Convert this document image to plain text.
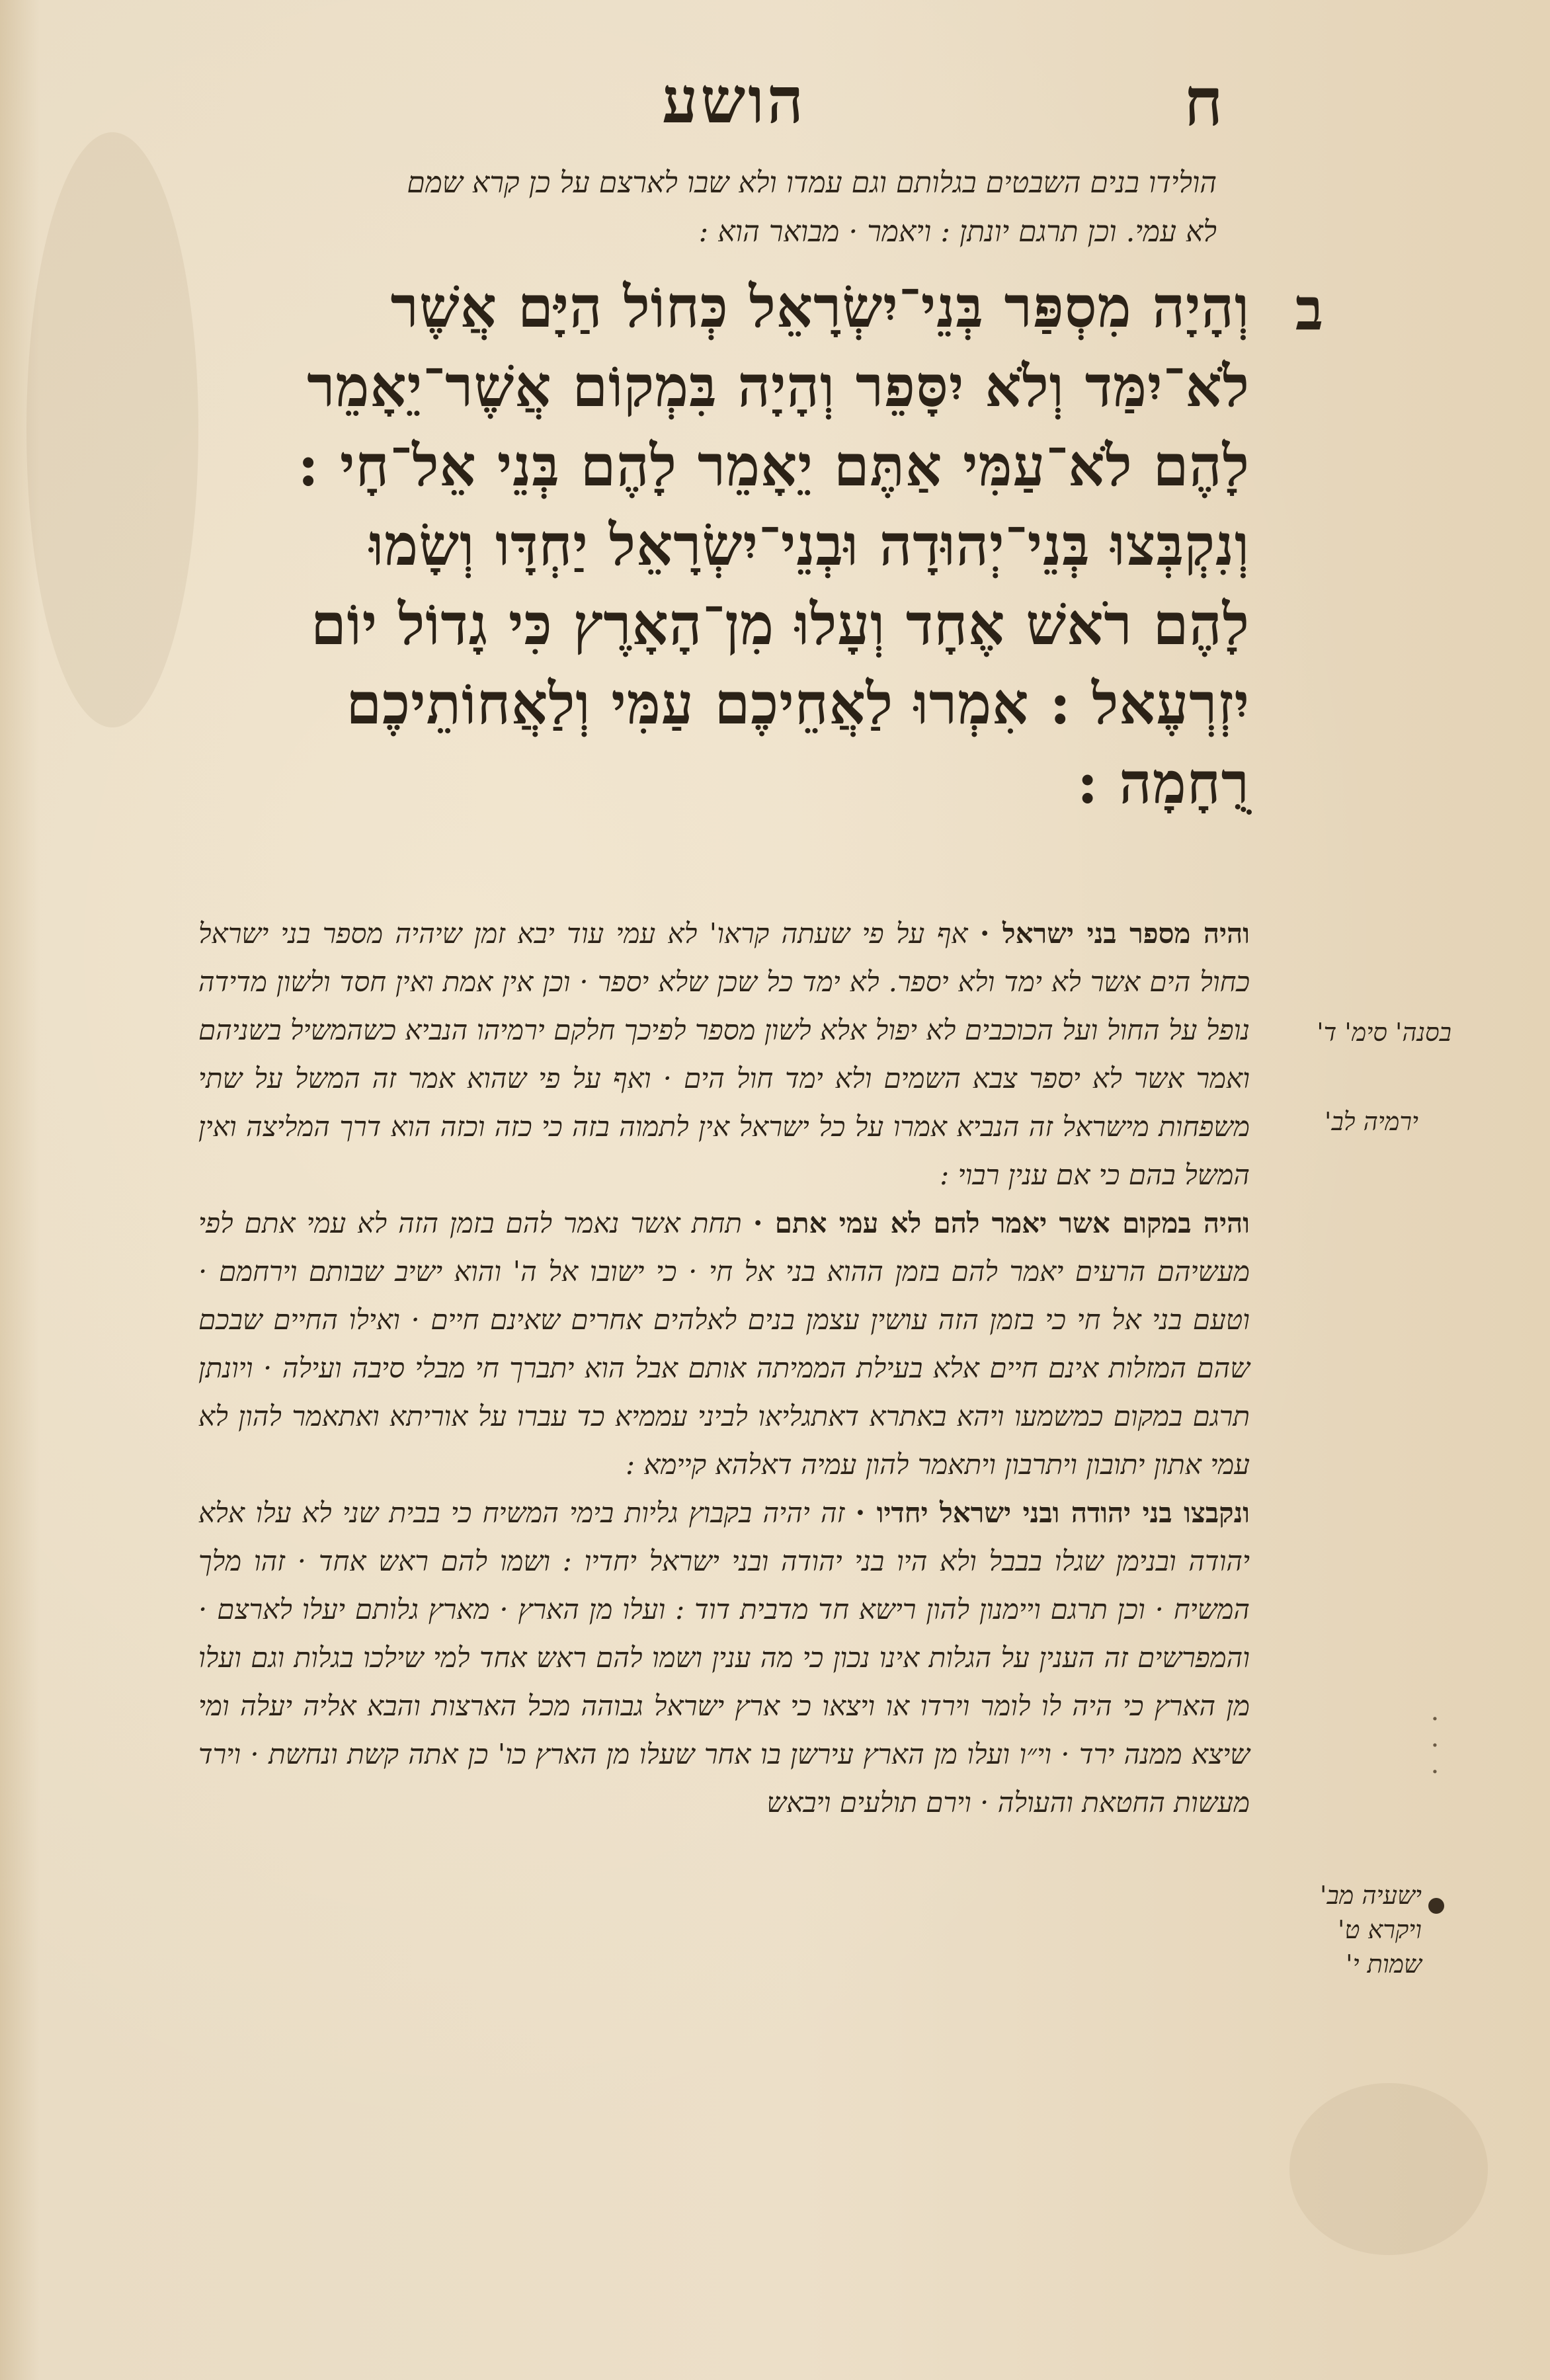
הושע	ח
הולידו בנים השבטים בגלותם וגם עמדו ולא שבו לארצם על כן קרא שמם
לא עמי. וכן תרגם יונתן : ויאמר · מבואר הוא :
ב
וְהָיָה מִסְפַּר בְּנֵי־יִשְׂרָאֵל כְּחוֹל הַיָּם אֲשֶׁר
לֹא־יִמַּד וְלֹא יִסָּפֵר וְהָיָה בִּמְקוֹם אֲשֶׁר־יֵאָמֵר
לָהֶם לֹא־עַמִּי אַתֶּם יֵאָמֵר לָהֶם בְּנֵי אֵל־חָי :
וְנִקְבְּצוּ בְּנֵי־יְהוּדָה וּבְנֵי־יִשְׂרָאֵל יַחְדָּו וְשָׂמוּ
לָהֶם רֹאשׁ אֶחָד וְעָלוּ מִן־הָאָרֶץ כִּי גָדוֹל יוֹם
יִזְרְעֶאל : אִמְרוּ לַאֲחֵיכֶם עַמִּי וְלַאֲחוֹתֵיכֶם
רֻחָמָה :
והיה מספר בני ישראל · אף על פי שעתה קראו' לא עמי עוד יבא זמן שיהיה מספר בני ישראל כחול הים אשר לא ימד ולא יספר. לא ימד כל שכן שלא יספר · וכן אין אמת ואין חסד ולשון מדידה נופל על החול ועל הכוכבים לא יפול אלא לשון מספר לפיכך חלקם ירמיהו הנביא כשהמשיל בשניהם ואמר אשר לא יספר צבא השמים ולא ימד חול הים · ואף על פי שהוא אמר זה המשל על שתי משפחות מישראל זה הנביא אמרו על כל ישראל אין לתמוה בזה כי כזה וכזה הוא דרך המליצה ואין המשל בהם כי אם ענין רבוי :
והיה במקום אשר יאמר להם לא עמי אתם · תחת אשר נאמר להם בזמן הזה לא עמי אתם לפי מעשיהם הרעים יאמר להם בזמן ההוא בני אל חי · כי ישובו אל ה' והוא ישיב שבותם וירחמם · וטעם בני אל חי כי בזמן הזה עושין עצמן בנים לאלהים אחרים שאינם חיים · ואילו החיים שבכם שהם המזלות אינם חיים אלא בעילת הממיתה אותם אבל הוא יתברך חי מבלי סיבה ועילה · ויונתן תרגם במקום כמשמעו ויהא באתרא דאתגליאו לביני עממיא כד עברו על אוריתא ואתאמר להון לא עמי אתון יתובון ויתרבון ויתאמר להון עמיה דאלהא קיימא :
ונקבצו בני יהודה ובני ישראל יחדיו · זה יהיה בקבוץ גליות בימי המשיח כי בבית שני לא עלו אלא יהודה ובנימן שגלו בבבל ולא היו בני יהודה ובני ישראל יחדיו : ושמו להם ראש אחד · זהו מלך המשיח · וכן תרגם ויימנון להון רישא חד מדבית דוד : ועלו מן הארץ · מארץ גלותם יעלו לארצם · והמפרשים זה הענין על הגלות אינו נכון כי מה ענין ושמו להם ראש אחד למי שילכו בגלות וגם ועלו מן הארץ כי היה לו לומר וירדו או ויצאו כי ארץ ישראל גבוהה מכל הארצות והבא אליה יעלה ומי שיצא ממנה ירד · וי״ו ועלו מן הארץ עירשן בו אחר שעלו מן הארץ כו' כן אתה קשת ונחשת · וירד מעשות החטאת והעולה · וירם תולעים ויבאש
בסנה' סימ' ד'
ירמיה לב'
·
·
·
ישעיה מב'
ויקרא ט'
שמות י'
